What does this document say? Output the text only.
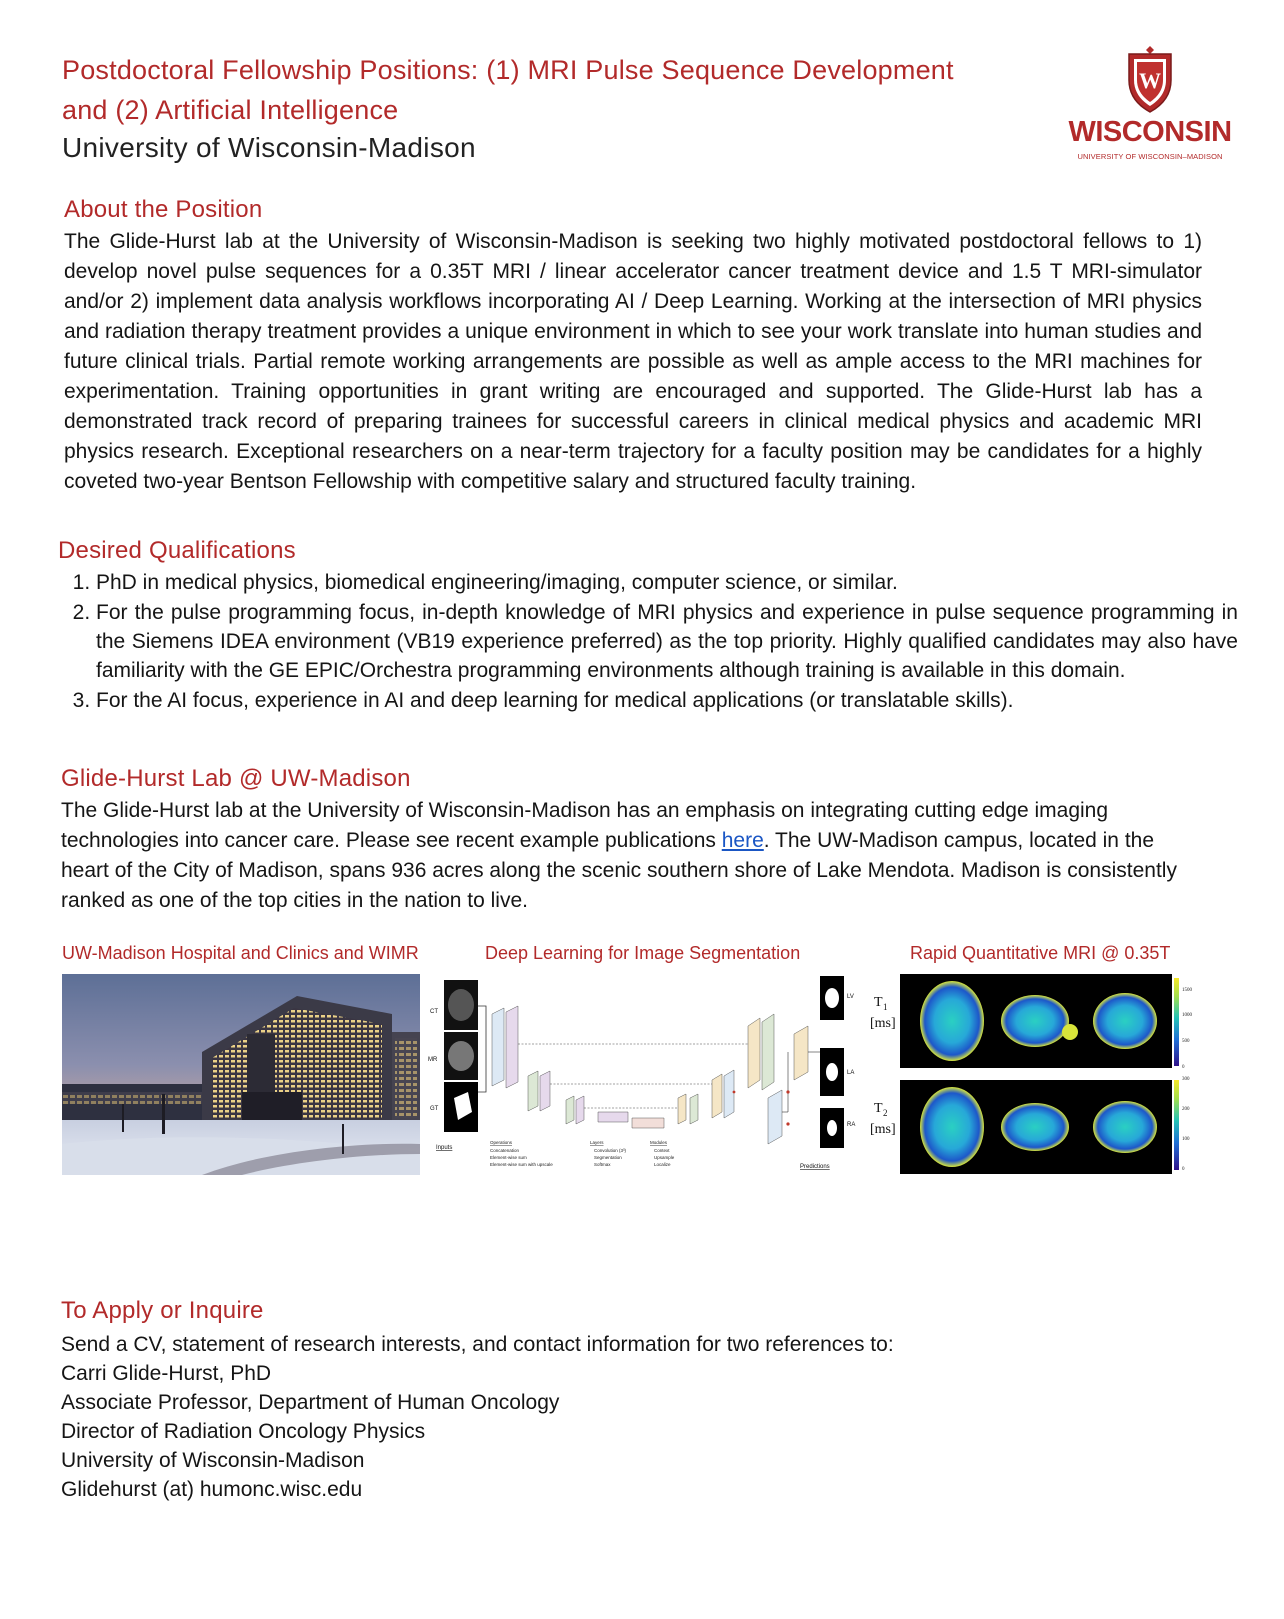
Postdoctoral Fellowship Positions: (1) MRI Pulse Sequence Development
and (2) Artificial Intelligence
University of Wisconsin-Madison
W
WISCONSIN
UNIVERSITY OF WISCONSIN–MADISON
About the Position
The Glide-Hurst lab at the University of Wisconsin-Madison is seeking two highly motivated postdoctoral fellows to 1) develop novel pulse sequences for a 0.35T MRI / linear accelerator cancer treatment device and 1.5 T MRI-simulator and/or 2) implement data analysis workflows incorporating AI / Deep Learning. Working at the intersection of MRI physics and radiation therapy treatment provides a unique environment in which to see your work translate into human studies and future clinical trials. Partial remote working arrangements are possible as well as ample access to the MRI machines for experimentation. Training opportunities in grant writing are encouraged and supported. The Glide-Hurst lab has a demonstrated track record of preparing trainees for successful careers in clinical medical physics and academic MRI physics research. Exceptional researchers on a near-term trajectory for a faculty position may be candidates for a highly coveted two-year Bentson Fellowship with competitive salary and structured faculty training.
Desired Qualifications
1. PhD in medical physics, biomedical engineering/imaging, computer science, or similar.
2. For the pulse programming focus, in-depth knowledge of MRI physics and experience in pulse sequence programming in the Siemens IDEA environment (VB19 experience preferred) as the top priority. Highly qualified candidates may also have familiarity with the GE EPIC/Orchestra programming environments although training is available in this domain.
3. For the AI focus, experience in AI and deep learning for medical applications (or translatable skills).
Glide-Hurst Lab @ UW-Madison
The Glide-Hurst lab at the University of Wisconsin-Madison has an emphasis on integrating cutting edge imaging technologies into cancer care. Please see recent example publications here. The UW-Madison campus, located in the heart of the City of Madison, spans 936 acres along the scenic southern shore of Lake Mendota. Madison is consistently ranked as one of the top cities in the nation to live.
UW-Madison Hospital and Clinics and WIMR	Deep Learning for Image Segmentation	Rapid Quantitative MRI @ 0.35T
CT
MR
GT
Inputs
LV
LA
RA
Predictions
Operations
Concatenation
Element-wise sum
Element-wise sum with upscale
Layers
Convolution (3³)
Segmentation
Softmax
Modules
Context
Upsample
Localize
T 1
[ms]
T 2
[ms]
1500
1000
500
0
300
200
100
0
To Apply or Inquire
Send a CV, statement of research interests, and contact information for two references to:
Carri Glide-Hurst, PhD
Associate Professor, Department of Human Oncology
Director of Radiation Oncology Physics
University of Wisconsin-Madison
Glidehurst (at) humonc.wisc.edu
